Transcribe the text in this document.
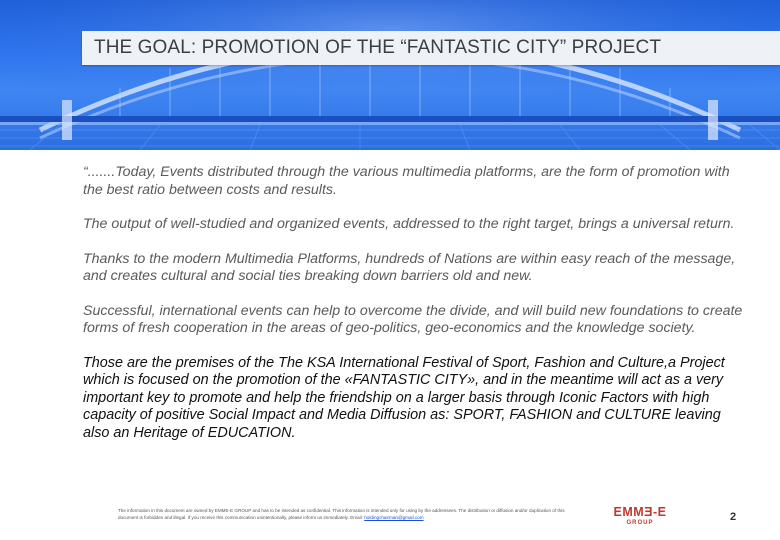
THE GOAL: PROMOTION OF THE “FANTASTIC CITY” PROJECT

“.......Today, Events distributed through the various multimedia platforms, are the form of promotion with the best ratio between costs and results.

The output of well-studied and organized events, addressed to the right target, brings a universal return.

Thanks to the modern Multimedia Platforms, hundreds of Nations are within easy reach of the message, and creates cultural and social ties breaking down barriers old and new.

Successful, international events can help to overcome the divide, and will build new foundations to create forms of fresh cooperation in the areas of geo-politics, geo-economics and the knowledge society.

Those are the premises of the The KSA International Festival of Sport, Fashion and Culture,a Project which is focused on the promotion of the «FANTASTIC CITY», and in the meantime will act as a very important key to promote and help the friendship on a larger basis through Iconic Factors with high capacity of positive Social Impact and Media Diffusion as: SPORT, FASHION and CULTURE leaving also an Heritage of EDUCATION.

The information in this document are owned by EMME-E GROUP and has to be intended as confidential. This information is intended only for using by the addressees. The distribution or diffusion and/or duplication of this document is forbidden and illegal. If you receive this communication unintentionally, please inform us immediately. Email: holdingchairman@gmail.com	EMMƎ-E
GROUP	2
